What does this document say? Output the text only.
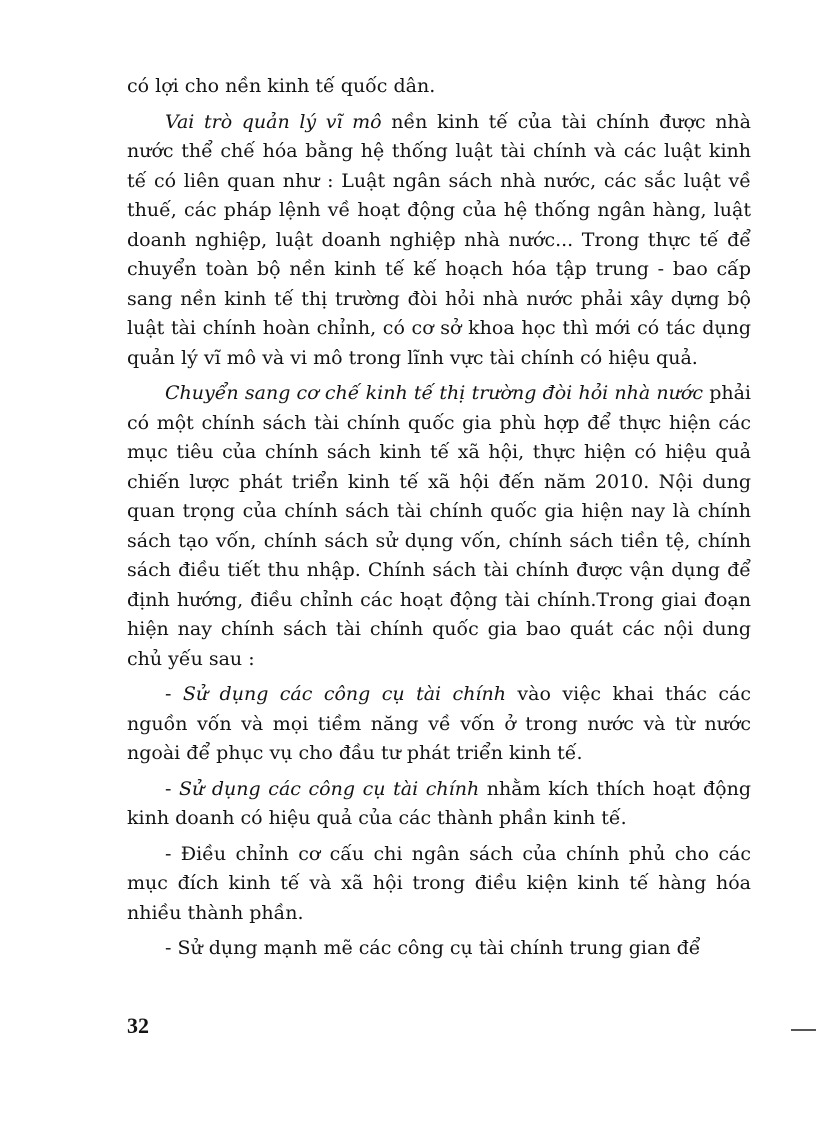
có lợi cho nền kinh tế quốc dân.

Vai trò quản lý vĩ mô nền kinh tế của tài chính được nhà nước thể chế hóa bằng hệ thống luật tài chính và các luật kinh tế có liên quan như : Luật ngân sách nhà nước, các sắc luật về thuế, các pháp lệnh về hoạt động của hệ thống ngân hàng, luật doanh nghiệp, luật doanh nghiệp nhà nước... Trong thực tế để chuyển toàn bộ nền kinh tế kế hoạch hóa tập trung - bao cấp sang nền kinh tế thị trường đòi hỏi nhà nước phải xây dựng bộ luật tài chính hoàn chỉnh, có cơ sở khoa học thì mới có tác dụng quản lý vĩ mô và vi mô trong lĩnh vực tài chính có hiệu quả.

Chuyển sang cơ chế kinh tế thị trường đòi hỏi nhà nước phải có một chính sách tài chính quốc gia phù hợp để thực hiện các mục tiêu của chính sách kinh tế xã hội, thực hiện có hiệu quả chiến lược phát triển kinh tế xã hội đến năm 2010. Nội dung quan trọng của chính sách tài chính quốc gia hiện nay là chính sách tạo vốn, chính sách sử dụng vốn, chính sách tiền tệ, chính sách điều tiết thu nhập. Chính sách tài chính được vận dụng để định hướng, điều chỉnh các hoạt động tài chính.Trong giai đoạn hiện nay chính sách tài chính quốc gia bao quát các nội dung chủ yếu sau :

- Sử dụng các công cụ tài chính vào việc khai thác các nguồn vốn và mọi tiềm năng về vốn ở trong nước và từ nước ngoài để phục vụ cho đầu tư phát triển kinh tế.

- Sử dụng các công cụ tài chính nhằm kích thích hoạt động kinh doanh có hiệu quả của các thành phần kinh tế.

- Điều chỉnh cơ cấu chi ngân sách của chính phủ cho các mục đích kinh tế và xã hội trong điều kiện kinh tế hàng hóa nhiều thành phần.

- Sử dụng mạnh mẽ các công cụ tài chính trung gian để

32
